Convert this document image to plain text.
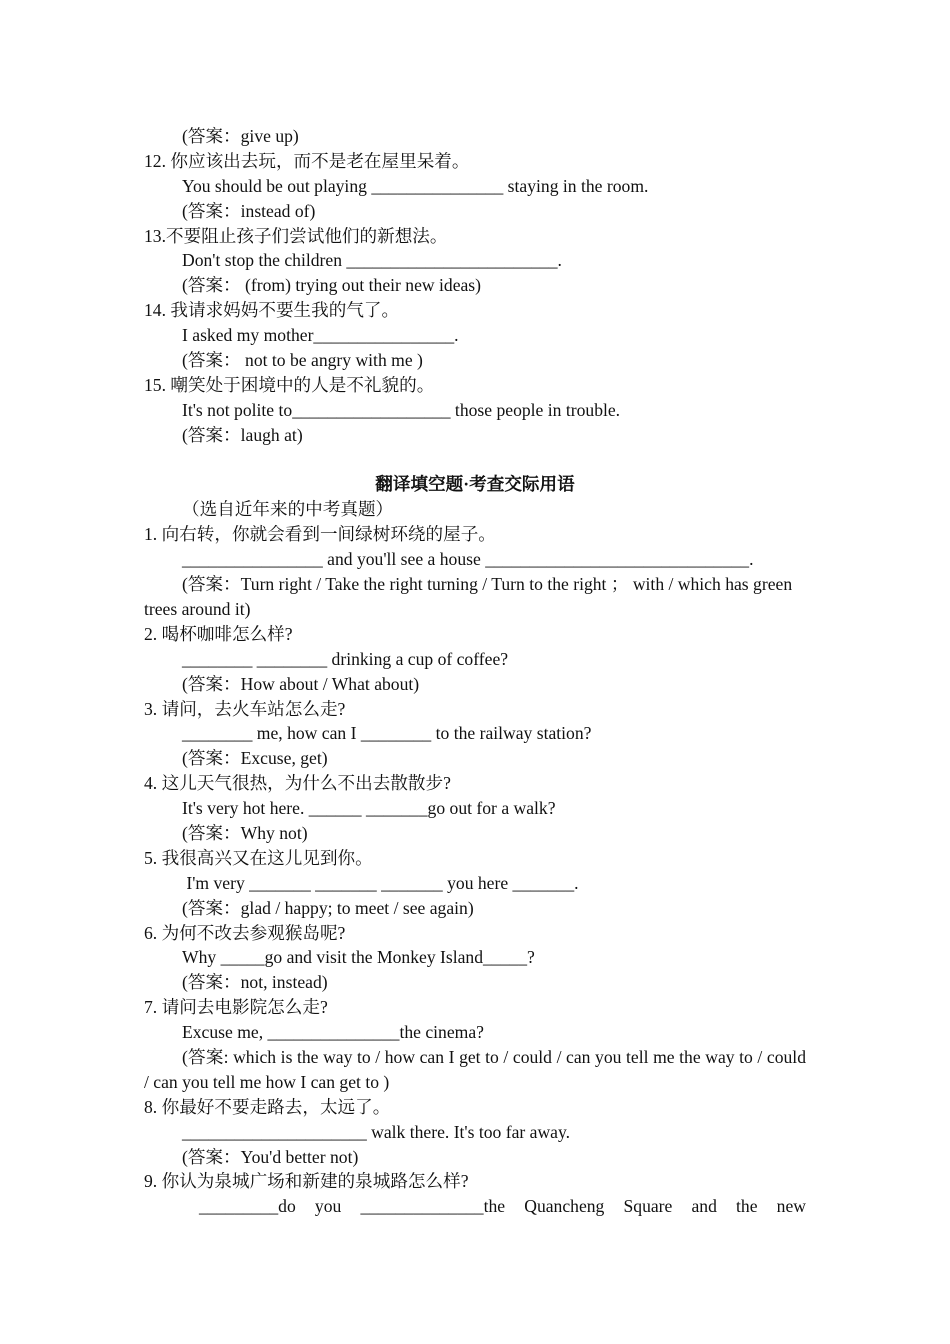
(答案：give up)
12. 你应该出去玩，而不是老在屋里呆着。
You should be out playing _______________ staying in the room.
(答案：instead of)
13.不要阻止孩子们尝试他们的新想法。
Don't stop the children ________________________.
(答案： (from) trying out their new ideas)
14. 我请求妈妈不要生我的气了。
I asked my mother________________.
(答案： not to be angry with me )
15. 嘲笑处于困境中的人是不礼貌的。
It's not polite to__________________ those people in trouble.
(答案：laugh at)
翻译填空题·考查交际用语
（选自近年来的中考真题）
1. 向右转，你就会看到一间绿树环绕的屋子。
________________ and you'll see a house ______________________________.
(答案：Turn right / Take the right turning / Turn to the right ； with / which has green trees around it)
2. 喝杯咖啡怎么样?
________ ________ drinking a cup of coffee?
(答案：How about / What about)
3. 请问，去火车站怎么走?
________ me, how can I ________ to the railway station?
(答案：Excuse, get)
4. 这儿天气很热，为什么不出去散散步?
It's very hot here. ______ _______go out for a walk?
(答案：Why not)
5. 我很高兴又在这儿见到你。
I'm very _______ _______ _______ you here _______.
(答案：glad / happy; to meet / see again)
6. 为何不改去参观猴岛呢?
Why _____go and visit the Monkey Island_____?
(答案：not, instead)
7. 请问去电影院怎么走?
Excuse me, _______________the cinema?
(答案: which is the way to / how can I get to / could / can you tell me the way to / could / can you tell me how I can get to )
8. 你最好不要走路去，太远了。
_____________________ walk there. It's too far away.
(答案：You'd better not)
9. 你认为泉城广场和新建的泉城路怎么样?
_________do you ______________the Quancheng Square and the new
